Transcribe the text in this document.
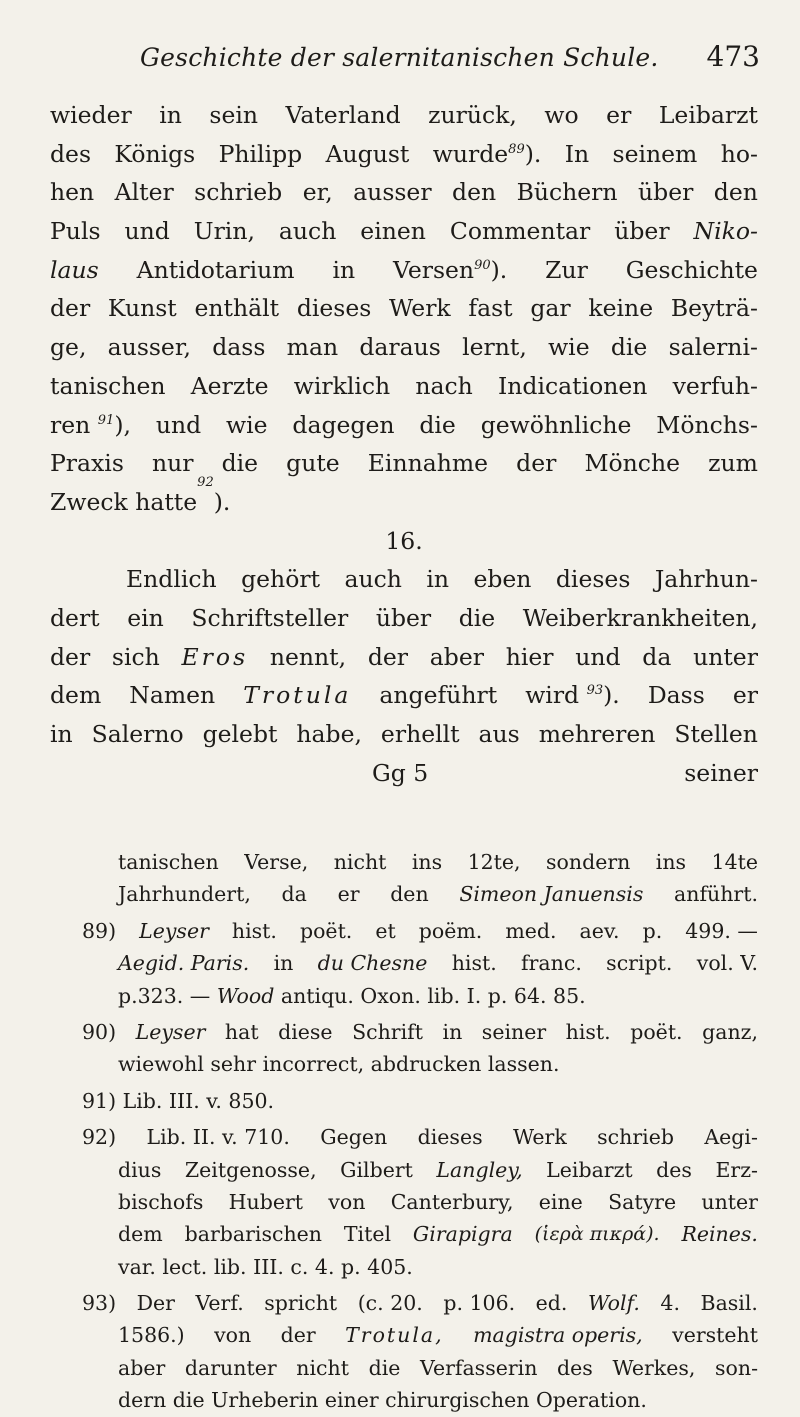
Geschichte der salernitanischen Schule. 473
wieder in sein Vaterland zurück, wo er Leibarzt
des Königs Philipp August wurde$^{89}$). In seinem ho-
hen Alter schrieb er, ausser den Büchern über den
Puls und Urin, auch einen Commentar über Niko-
laus Antidotarium in Versen$^{90}$). Zur Geschichte
der Kunst enthält dieses Werk fast gar keine Beyträ-
ge, ausser, dass man daraus lernt, wie die salerni-
tanischen Aerzte wirklich nach Indicationen verfuh-
ren $^{91}$), und wie dagegen die gewöhnliche Mönchs-
Praxis nur die gute Einnahme der Mönche zum
Zweck hatte
92
).
16.
Endlich gehört auch in eben dieses Jahrhun-
dert ein Schriftsteller über die Weiberkrankheiten,
der sich Eros nennt, der aber hier und da unter
dem Namen Trotula angeführt wird $^{93}$). Dass er
in Salerno gelebt habe, erhellt aus mehreren Stellen
Gg 5	seiner
tanischen Verse, nicht ins 12te, sondern ins 14te
Jahrhundert, da er den Simeon Januensis anführt.
89) Leyser hist. poët. et poëm. med. aev. p. 499. —
Aegid. Paris. in du Chesne hist. franc. script. vol. V.
p.323. — Wood antiqu. Oxon. lib. I. p. 64. 85.
90) Leyser hat diese Schrift in seiner hist. poët. ganz,
wiewohl sehr incorrect, abdrucken lassen.
91) Lib. III. v. 850.
92) Lib. II. v. 710. Gegen dieses Werk schrieb Aegi-
dius Zeitgenosse, Gilbert Langley, Leibarzt des Erz-
bischofs Hubert von Canterbury, eine Satyre unter
dem barbarischen Titel Girapigra (ἱερὰ πικρά). Reines.
var. lect. lib. III. c. 4. p. 405.
93) Der Verf. spricht (c. 20. p. 106. ed. Wolf. 4. Basil.
1586.) von der Trotula, magistra operis, versteht
aber darunter nicht die Verfasserin des Werkes, son-
dern die Urheberin einer chirurgischen Operation.
